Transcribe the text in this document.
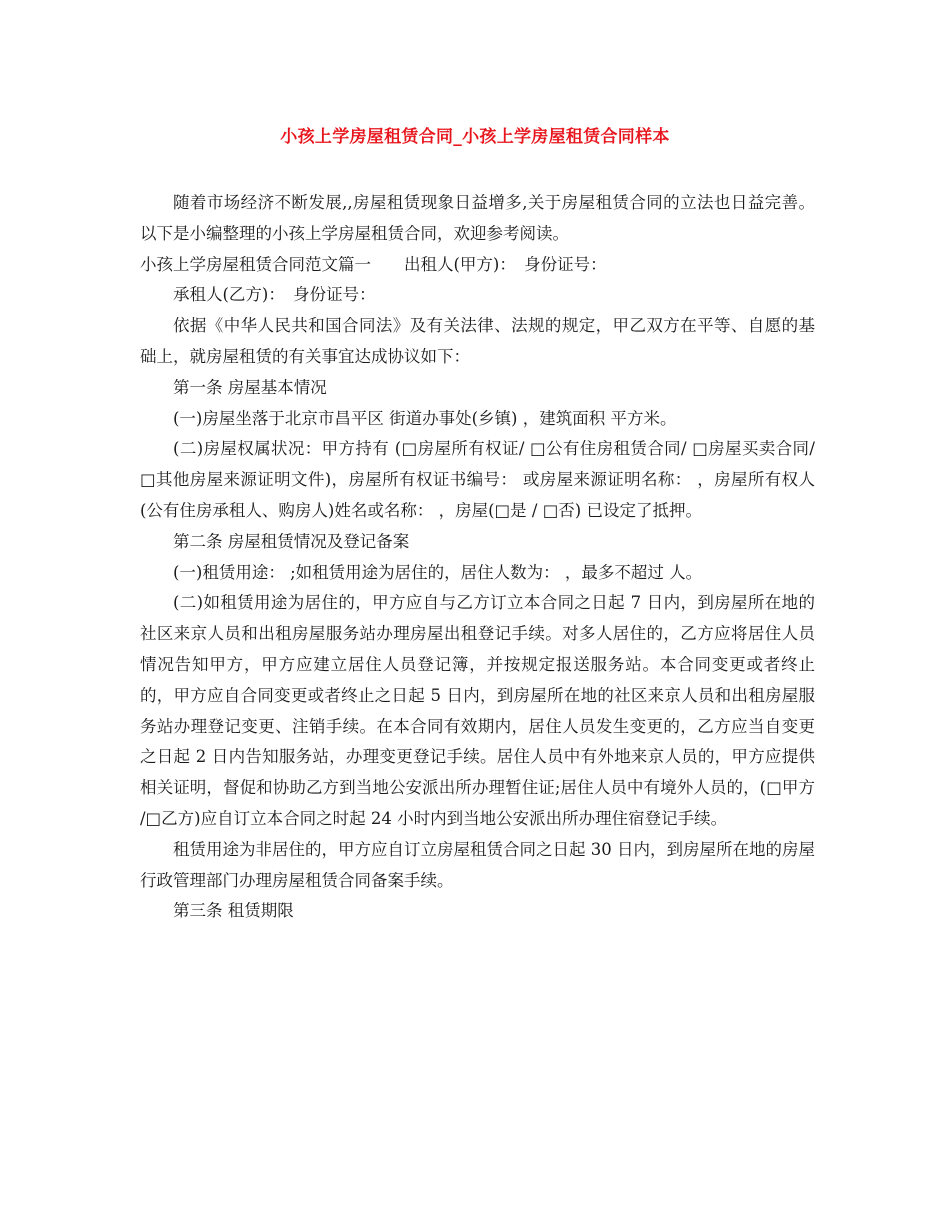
小孩上学房屋租赁合同_小孩上学房屋租赁合同样本

随着市场经济不断发展,,房屋租赁现象日益增多,关于房屋租赁合同的立法也日益完善。以下是小编整理的小孩上学房屋租赁合同，欢迎参考阅读。

小孩上学房屋租赁合同范文篇一　　出租人(甲方)：　身份证号：

承租人(乙方)：　身份证号：

依据《中华人民共和国合同法》及有关法律、法规的规定，甲乙双方在平等、自愿的基础上，就房屋租赁的有关事宜达成协议如下：

第一条 房屋基本情况

(一)房屋坐落于北京市昌平区 街道办事处(乡镇) ，建筑面积 平方米。

(二)房屋权属状况：甲方持有 (□房屋所有权证/ □公有住房租赁合同/ □房屋买卖合同/ □其他房屋来源证明文件)，房屋所有权证书编号： 或房屋来源证明名称： ，房屋所有权人(公有住房承租人、购房人)姓名或名称： ，房屋(□是 / □否) 已设定了抵押。

第二条 房屋租赁情况及登记备案

(一)租赁用途： ;如租赁用途为居住的，居住人数为： ，最多不超过 人。

(二)如租赁用途为居住的，甲方应自与乙方订立本合同之日起 7 日内，到房屋所在地的社区来京人员和出租房屋服务站办理房屋出租登记手续。对多人居住的，乙方应将居住人员情况告知甲方，甲方应建立居住人员登记簿，并按规定报送服务站。本合同变更或者终止的，甲方应自合同变更或者终止之日起 5 日内，到房屋所在地的社区来京人员和出租房屋服务站办理登记变更、注销手续。在本合同有效期内，居住人员发生变更的，乙方应当自变更之日起 2 日内告知服务站，办理变更登记手续。居住人员中有外地来京人员的，甲方应提供相关证明，督促和协助乙方到当地公安派出所办理暂住证;居住人员中有境外人员的，(□甲方 /□乙方)应自订立本合同之时起 24 小时内到当地公安派出所办理住宿登记手续。

租赁用途为非居住的，甲方应自订立房屋租赁合同之日起 30 日内，到房屋所在地的房屋行政管理部门办理房屋租赁合同备案手续。

第三条 租赁期限
